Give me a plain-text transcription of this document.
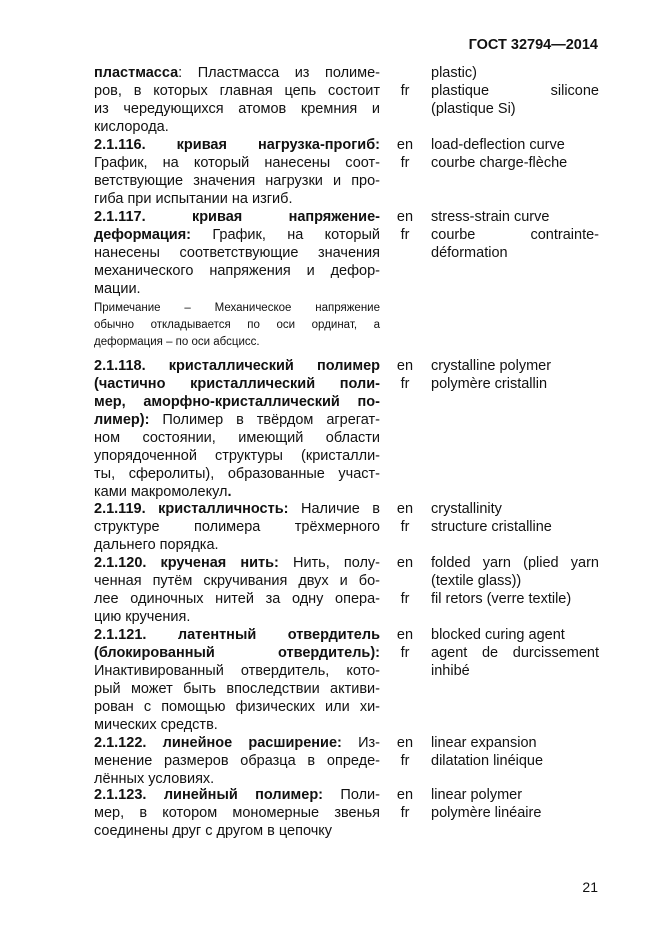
ГОСТ 32794—2014
пластмасса: Пластмасса из полиме-
ров, в которых главная цепь состоит
из чередующихся атомов кремния и
кислорода.
fr
plastic)
plastique silicone
(plastique Si)
2.1.116. кривая нагрузка-прогиб:
График, на который нанесены соот-
ветствующие значения нагрузки и про-
гиба при испытании на изгиб.
en
fr
load-deflection curve
courbe charge-flèche
2.1.117. кривая напряжение-
деформация: График, на который
нанесены соответствующие значения
механического напряжения и дефор-
мации.
Примечание – Механическое напряжение
обычно откладывается по оси ординат, а
деформация – по оси абсцисс.
en
fr
stress-strain curve
courbe contrainte-
déformation
2.1.118. кристаллический полимер
(частично кристаллический поли-
мер, аморфно-кристаллический по-
лимер): Полимер в твёрдом агрегат-
ном состоянии, имеющий области
упорядоченной структуры (кристалли-
ты, сферолиты), образованные участ-
ками макромолекул.
en
fr
crystalline polymer
polymère cristallin
2.1.119. кристалличность: Наличие в
структуре полимера трёхмерного
дальнего порядка.
en
fr
crystallinity
structure cristalline
2.1.120. крученая нить: Нить, полу-
ченная путём скручивания двух и бо-
лее одиночных нитей за одну опера-
цию кручения.
en
fr
folded yarn (plied yarn
(textile glass))
fil retors (verre textile)
2.1.121. латентный отвердитель
(блокированный отвердитель):
Инактивированный отвердитель, кото-
рый может быть впоследствии активи-
рован с помощью физических или хи-
мических средств.
en
fr
blocked curing agent
agent de durcissement
inhibé
2.1.122. линейное расширение: Из-
менение размеров образца в опреде-
лённых условиях.
en
fr
linear expansion
dilatation linéique
2.1.123. линейный полимер: Поли-
мер, в котором мономерные звенья
соединены друг с другом в цепочку
en
fr
linear polymer
polymère linéaire
21
